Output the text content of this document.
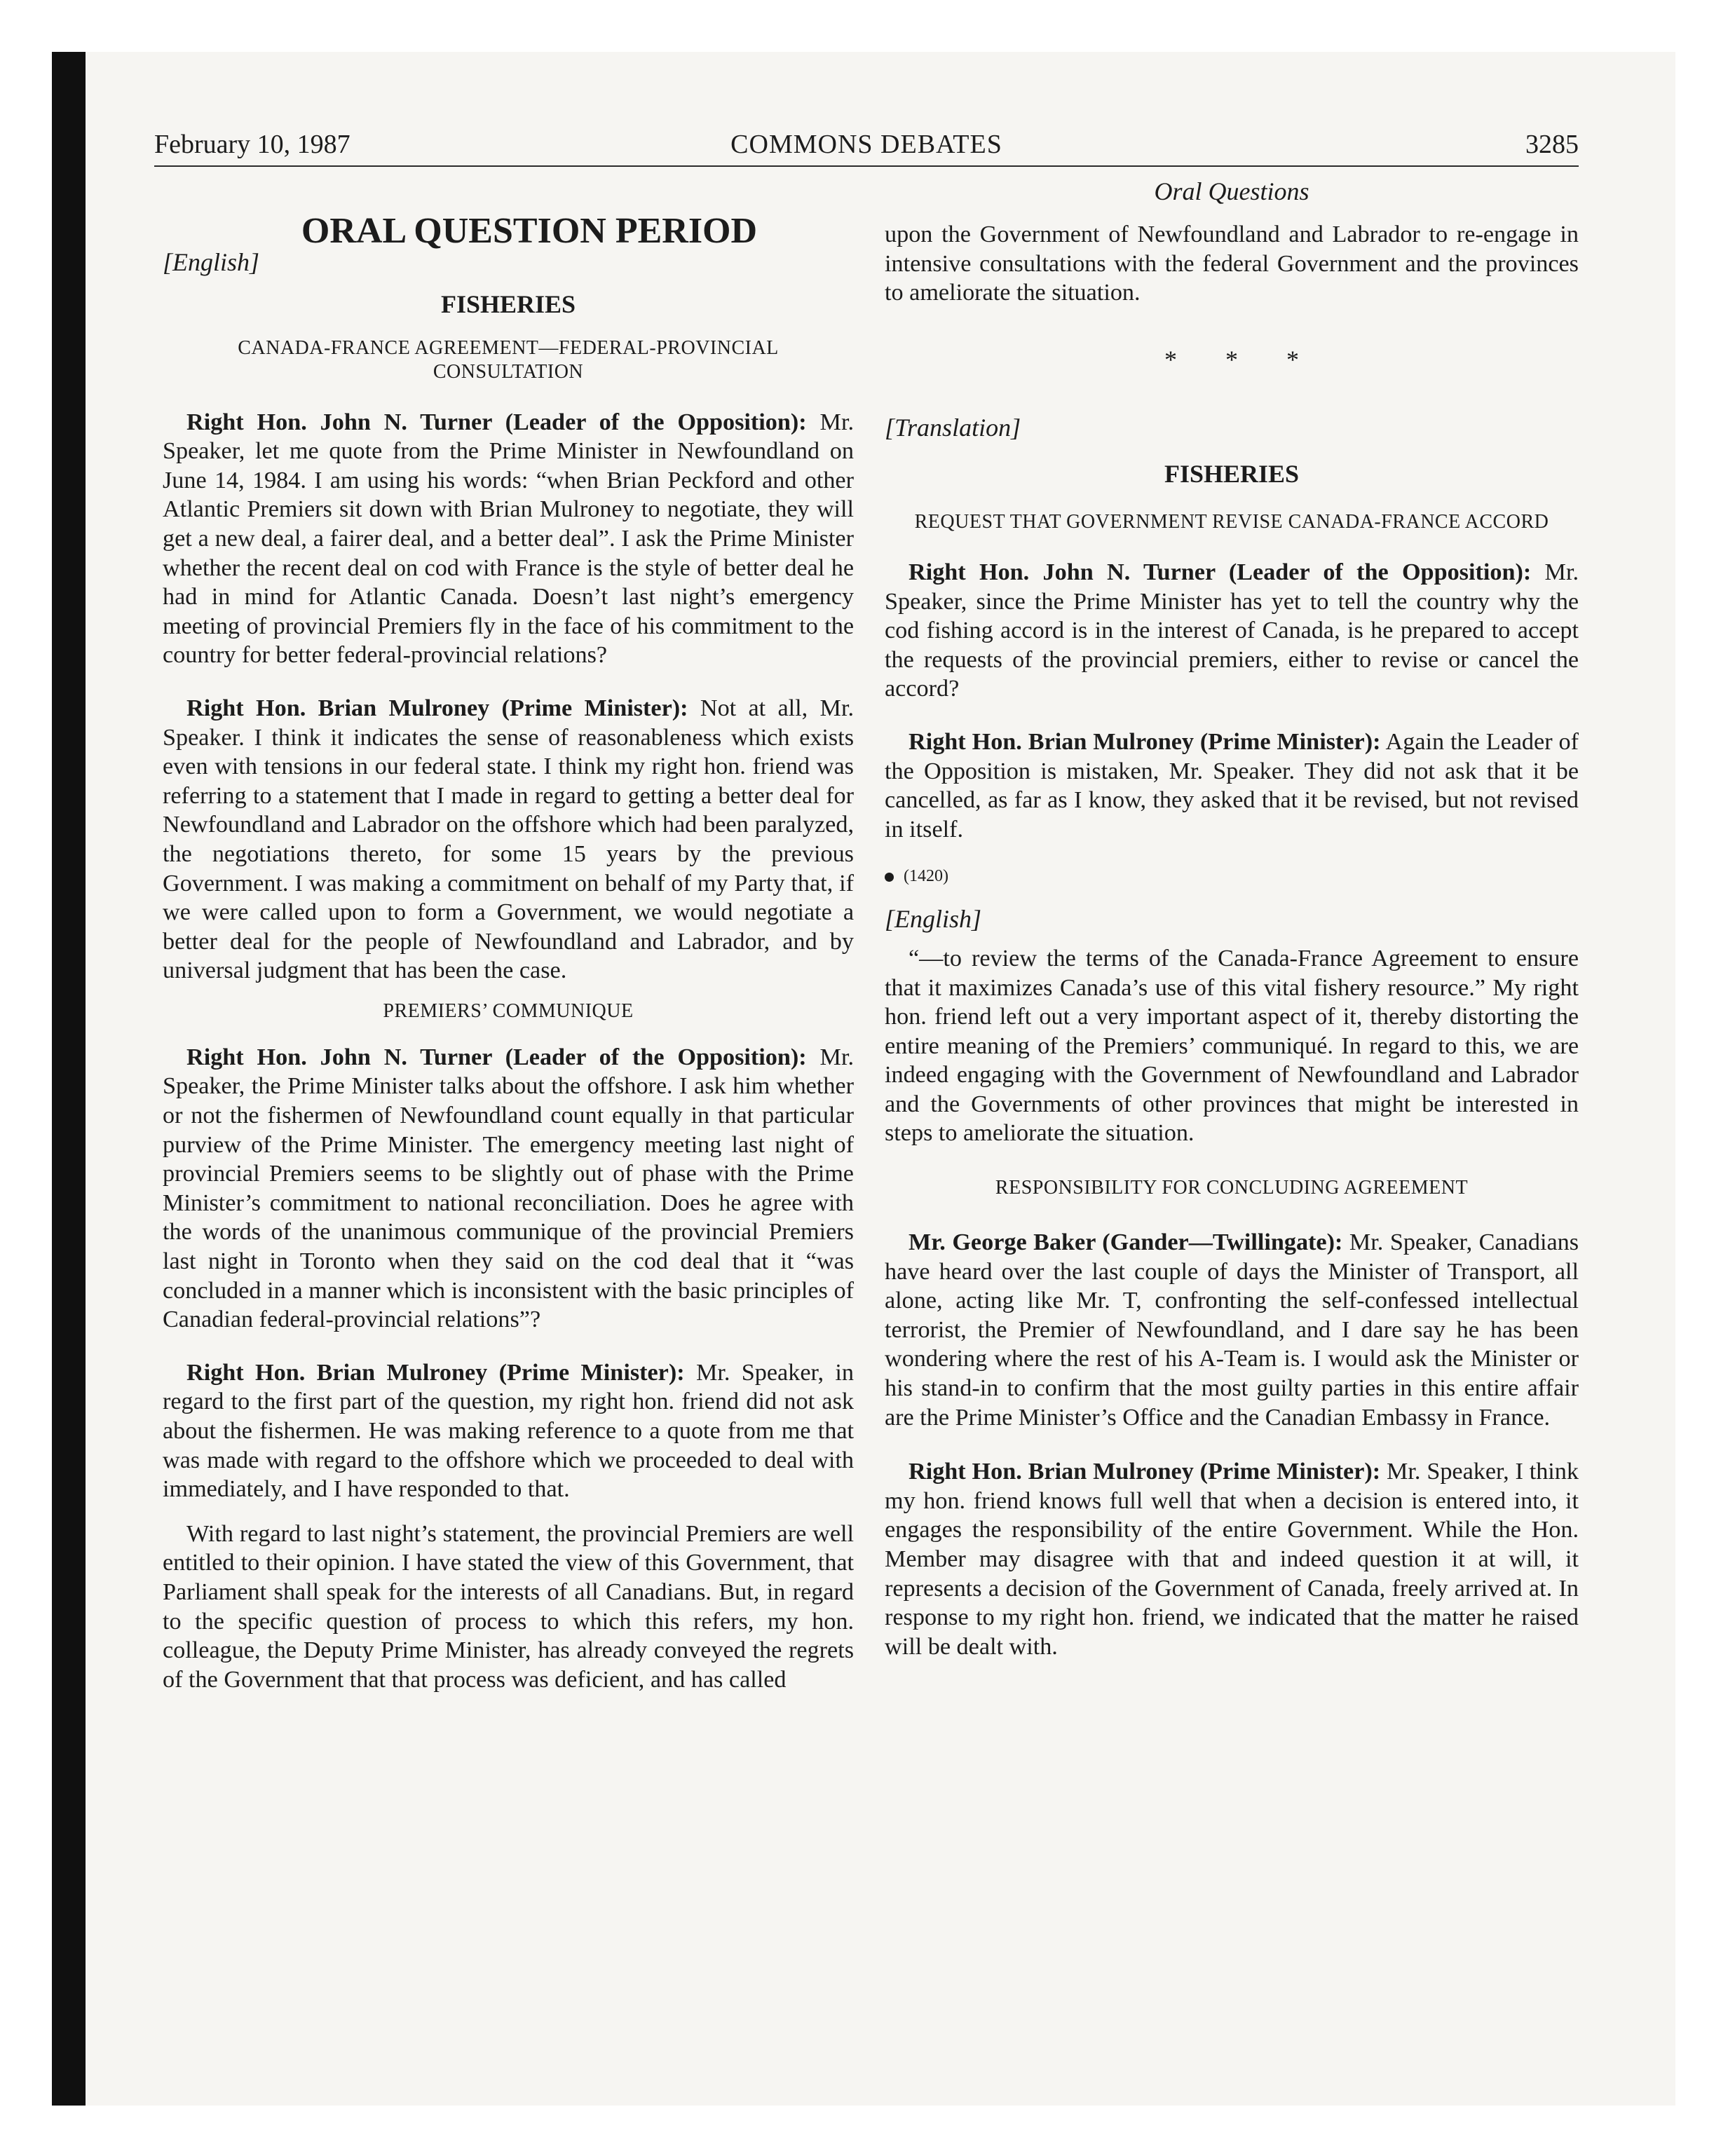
February 10, 1987	COMMONS DEBATES	3285
ORAL QUESTION PERIOD
[English]
FISHERIES
CANADA-FRANCE AGREEMENT—FEDERAL-PROVINCIAL CONSULTATION

Right Hon. John N. Turner (Leader of the Opposition): Mr. Speaker, let me quote from the Prime Minister in Newfoundland on June 14, 1984. I am using his words: “when Brian Peckford and other Atlantic Premiers sit down with Brian Mulroney to negotiate, they will get a new deal, a fairer deal, and a better deal”. I ask the Prime Minister whether the recent deal on cod with France is the style of better deal he had in mind for Atlantic Canada. Doesn’t last night’s emergency meeting of provincial Premiers fly in the face of his commitment to the country for better federal-provincial relations?

Right Hon. Brian Mulroney (Prime Minister): Not at all, Mr. Speaker. I think it indicates the sense of reasonableness which exists even with tensions in our federal state. I think my right hon. friend was referring to a statement that I made in regard to getting a better deal for Newfoundland and Labrador on the offshore which had been paralyzed, the negotiations thereto, for some 15 years by the previous Government. I was making a commitment on behalf of my Party that, if we were called upon to form a Government, we would negotiate a better deal for the people of Newfoundland and Labrador, and by universal judgment that has been the case.

PREMIERS’ COMMUNIQUE

Right Hon. John N. Turner (Leader of the Opposition): Mr. Speaker, the Prime Minister talks about the offshore. I ask him whether or not the fishermen of Newfoundland count equally in that particular purview of the Prime Minister. The emergency meeting last night of provincial Premiers seems to be slightly out of phase with the Prime Minister’s commitment to national reconciliation. Does he agree with the words of the unanimous communique of the provincial Premiers last night in Toronto when they said on the cod deal that it “was concluded in a manner which is inconsistent with the basic principles of Canadian federal-provincial relations”?

Right Hon. Brian Mulroney (Prime Minister): Mr. Speaker, in regard to the first part of the question, my right hon. friend did not ask about the fishermen. He was making reference to a quote from me that was made with regard to the offshore which we proceeded to deal with immediately, and I have responded to that.

With regard to last night’s statement, the provincial Premiers are well entitled to their opinion. I have stated the view of this Government, that Parliament shall speak for the interests of all Canadians. But, in regard to the specific question of process to which this refers, my hon. colleague, the Deputy Prime Minister, has already conveyed the regrets of the Government that that process was deficient, and has called

Oral Questions

upon the Government of Newfoundland and Labrador to re-engage in intensive consultations with the federal Government and the provinces to ameliorate the situation.

* * *
[Translation]
FISHERIES
REQUEST THAT GOVERNMENT REVISE CANADA-FRANCE ACCORD

Right Hon. John N. Turner (Leader of the Opposition): Mr. Speaker, since the Prime Minister has yet to tell the country why the cod fishing accord is in the interest of Canada, is he prepared to accept the requests of the provincial premiers, either to revise or cancel the accord?

Right Hon. Brian Mulroney (Prime Minister): Again the Leader of the Opposition is mistaken, Mr. Speaker. They did not ask that it be cancelled, as far as I know, they asked that it be revised, but not revised in itself.

(1420)
[English]

“—to review the terms of the Canada-France Agreement to ensure that it maximizes Canada’s use of this vital fishery resource.” My right hon. friend left out a very important aspect of it, thereby distorting the entire meaning of the Premiers’ communiqué. In regard to this, we are indeed engaging with the Government of Newfoundland and Labrador and the Governments of other provinces that might be interested in steps to ameliorate the situation.

RESPONSIBILITY FOR CONCLUDING AGREEMENT

Mr. George Baker (Gander—Twillingate): Mr. Speaker, Canadians have heard over the last couple of days the Minister of Transport, all alone, acting like Mr. T, confronting the self-confessed intellectual terrorist, the Premier of Newfoundland, and I dare say he has been wondering where the rest of his A-Team is. I would ask the Minister or his stand-in to confirm that the most guilty parties in this entire affair are the Prime Minister’s Office and the Canadian Embassy in France.

Right Hon. Brian Mulroney (Prime Minister): Mr. Speaker, I think my hon. friend knows full well that when a decision is entered into, it engages the responsibility of the entire Government. While the Hon. Member may disagree with that and indeed question it at will, it represents a decision of the Government of Canada, freely arrived at. In response to my right hon. friend, we indicated that the matter he raised will be dealt with.
